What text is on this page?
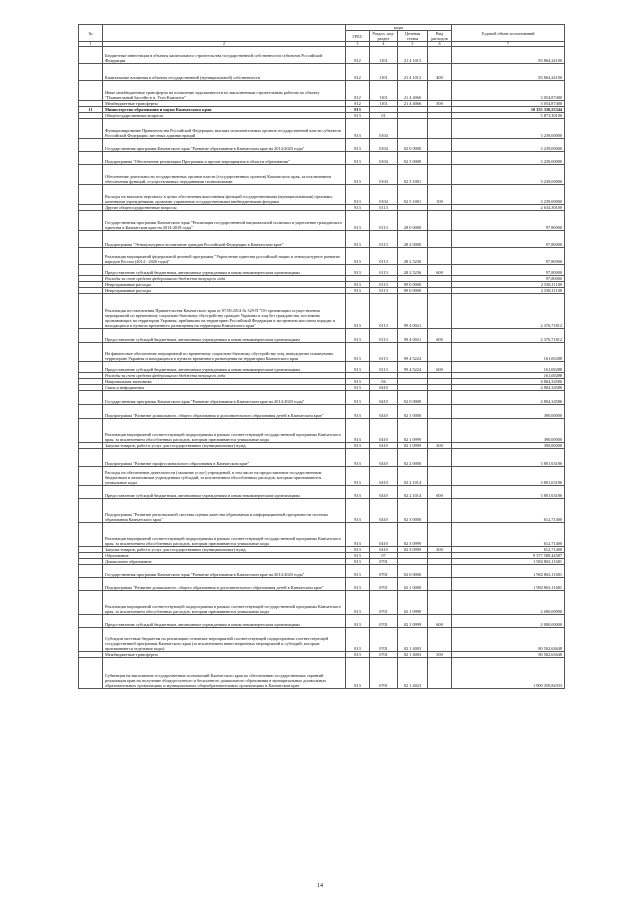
№		коды				Годовой объем ассигнований
		ГРБС	Раздел, под-раздел	Целевая статья	Вид расходов	
1	2	3	4	5	6	7
	Бюджетные инвестиции в объекты капитального строительства государственной собственности субъектов Российской Федерации	812	1101	21 4 1013		83 864,24100
	Капитальные вложения в объекты государственной (муниципальной) собственности	812	1101	21 4 1013	400	83 864,24100
	Иные межбюджетные трансферты на погашение задолженности по выполненным строительным работам по объекту "Плавательный бассейн в п. Усть-Камчатск"	812	1101	21 4 4066		3 054,87400
	Межбюджетные трансферты	812	1101	21 4 4066	500	3 054,87400
11	Министерство образования и науки Камчатского края	813				10 355 330,55344
	Общегосударственные вопросы	813	01			5 873,30100
	Функционирование Правительства Российской Федерации, высших исполнительных органов государственной власти субъектов Российской Федерации, местных администраций	813	0104			3 239,00000
	Государственная программа Камчатского края "Развитие образования в Камчатском крае на 2014-2020 годы"	813	0104	02 0 0000		3 239,00000
	Подпрограмма "Обеспечение реализации Программы и прочие мероприятия в области образования"	813	0104	02 5 0000		3 239,00000
	Обеспечение деятельности государственных органов власти (государственных органов) Камчатского края, за исключением обеспечения функций, осуществляемых переданными полномочиями	813	0104	02 5 1001		3 239,00000
	Расходы на выплаты персоналу в целях обеспечения выполнения функций государственными (муниципальными) органами, казенными учреждениями, органами управления государственными внебюджетными фондами	813	0104	02 5 1001	100	3 239,00000
	Другие общегосударственные вопросы	813	0113			2 634,30100
	Государственная программа Камчатского края "Реализация государственной национальной политики и укрепление гражданского единства в Камчатском крае на 2014-2018 годы"	813	0113	28 0 0000		97,80000
	Подпрограмма "Этнокультурное воспитание граждан Российской Федерации в Камчатском крае"	813	0113	28 2 0000		97,80000
	Реализация мероприятий федеральной целевой программы "Укрепление единства российской нации и этнокультурное развитие народов России (2014 - 2020 годы)"	813	0113	28 2 5236		97,80000
	Предоставление субсидий бюджетным, автономным учреждениям и иным некоммерческим организациям	813	0113	28 2 5236	600	97,80000
	Расходы за счет средств федерального бюджета текущего года					97,80000
	Непрограммные расходы	813	0113	99 0 0000		2 538,11100
	Непрограммные расходы	813	0113	99 0 0000		2 538,11100
	Реализация постановления Правительства Камчатского края от 07.08.2014 № 329-П "Об организации осуществления мероприятий по временному социально-бытовому обустройству граждан Украины и лиц без гражданства, постоянно проживающих на территории Украины, прибывших на территорию Российской Федерации в экстренном массовом порядке и находящихся в пунктах временного размещения на территории Камчатского края"	813	0113	99 4 0021		2 376,71812
	Предоставление субсидий бюджетным, автономным учреждениям и иным некоммерческим организациям	813	0113	99 4 0021	600	2 376,71812
	На финансовое обеспечение мероприятий по временному социально-бытовому обустройству лиц, вынужденно покинувших территорию Украины и находящихся в пунктах временного размещения на территории Камчатского края	813	0113	99 4 5224		161,69288
	Предоставление субсидий бюджетным, автономным учреждениям и иным некоммерческим организациям	813	0113	99 4 5224	600	161,69288
	Расходы за счет средств федерального бюджета текущего года					161,69288
	Национальная экономика	813	04			4 804,34586
	Связь и информатика	813	0410			4 804,34586
	Государственная программа Камчатского края "Развитие образования в Камчатском крае на 2014-2020 годы"	813	0410	02 0 0000		4 804,34586
	Подпрограмма "Развитие дошкольного, общего образования и дополнительного образования детей в Камчатском крае"	813	0410	02 1 0000		390,00000
	Реализация мероприятий соответствующей подпрограммы в рамках соответствующей государственной программы Камчатского края, за исключением обособленных расходов, которым присваиваются уникальные коды	813	0410	02 1 0999		390,00000
	Закупка товаров, работ и услуг для государственных (муниципальных) нужд	813	0410	02 1 0999	200	390,00000
	Подпрограмма "Развитие профессионального образования в Камчатском крае"	813	0410	02 2 0000		3 801,63186
	Расходы на обеспечение деятельности (оказание услуг) учреждений, в том числе на предоставление государственным бюджетным и автономным учреждениям субсидий, за исключением обособленных расходов, которым присваиваются уникальные коды	813	0410	02 2 1014		3 801,63186
	Предоставление субсидий бюджетным, автономным учреждениям и иным некоммерческим организациям	813	0410	02 2 1014	600	3 801,63186
	Подпрограмма "Развитие региональной системы оценки качества образования и информационной прозрачности системы образования Камчатского края"	813	0410	02 3 0000		612,71400
	Реализация мероприятий соответствующей подпрограммы в рамках соответствующей государственной программы Камчатского края, за исключением обособленных расходов, которым присваиваются уникальные коды	813	0410	02 3 0999		612,71400
	Закупка товаров, работ и услуг для государственных (муниципальных) нужд	813	0410	02 3 0999	200	612,71400
	Образование	813	07			9 377 588,44587
	Дошкольное образование	813	0701			1 982 863,11681
	Государственная программа Камчатского края "Развитие образования в Камчатском крае на 2014-2020 годы"	813	0701	02 0 0000		1 982 863,11681
	Подпрограмма "Развитие дошкольного, общего образования и дополнительного образования детей в Камчатском крае"	813	0701	02 1 0000		1 982 863,11681
	Реализация мероприятий соответствующей подпрограммы в рамках соответствующей государственной программы Камчатского края, за исключением обособленных расходов, которым присваиваются уникальные коды	813	0701	02 1 0999		2 000,00000
	Предоставление субсидий бюджетным, автономным учреждениям и иным некоммерческим организациям	813	0701	02 1 0999	600	2 000,00000
	Субсидии местным бюджетам на реализацию основных мероприятий соответствующей подпрограммы соответствующей государственной программы Камчатского края (за исключением инвестиционных мероприятий и субсидий, которым присваиваются отдельные коды)	813	0701	02 1 4003		80 502,63648
	Межбюджетные трансферты	813	0701	02 1 4003	500	80 502,63648
	Субвенции на выполнение государственных полномочий Камчатского края по обеспечению государственных гарантий реализации прав на получение общедоступного и бесплатного дошкольного образования в муниципальных дошкольных образовательных организациях и муниципальных общеобразовательных организациях в Камчатском крае	813	0701	02 1 4023		1 900 359,82033
14
